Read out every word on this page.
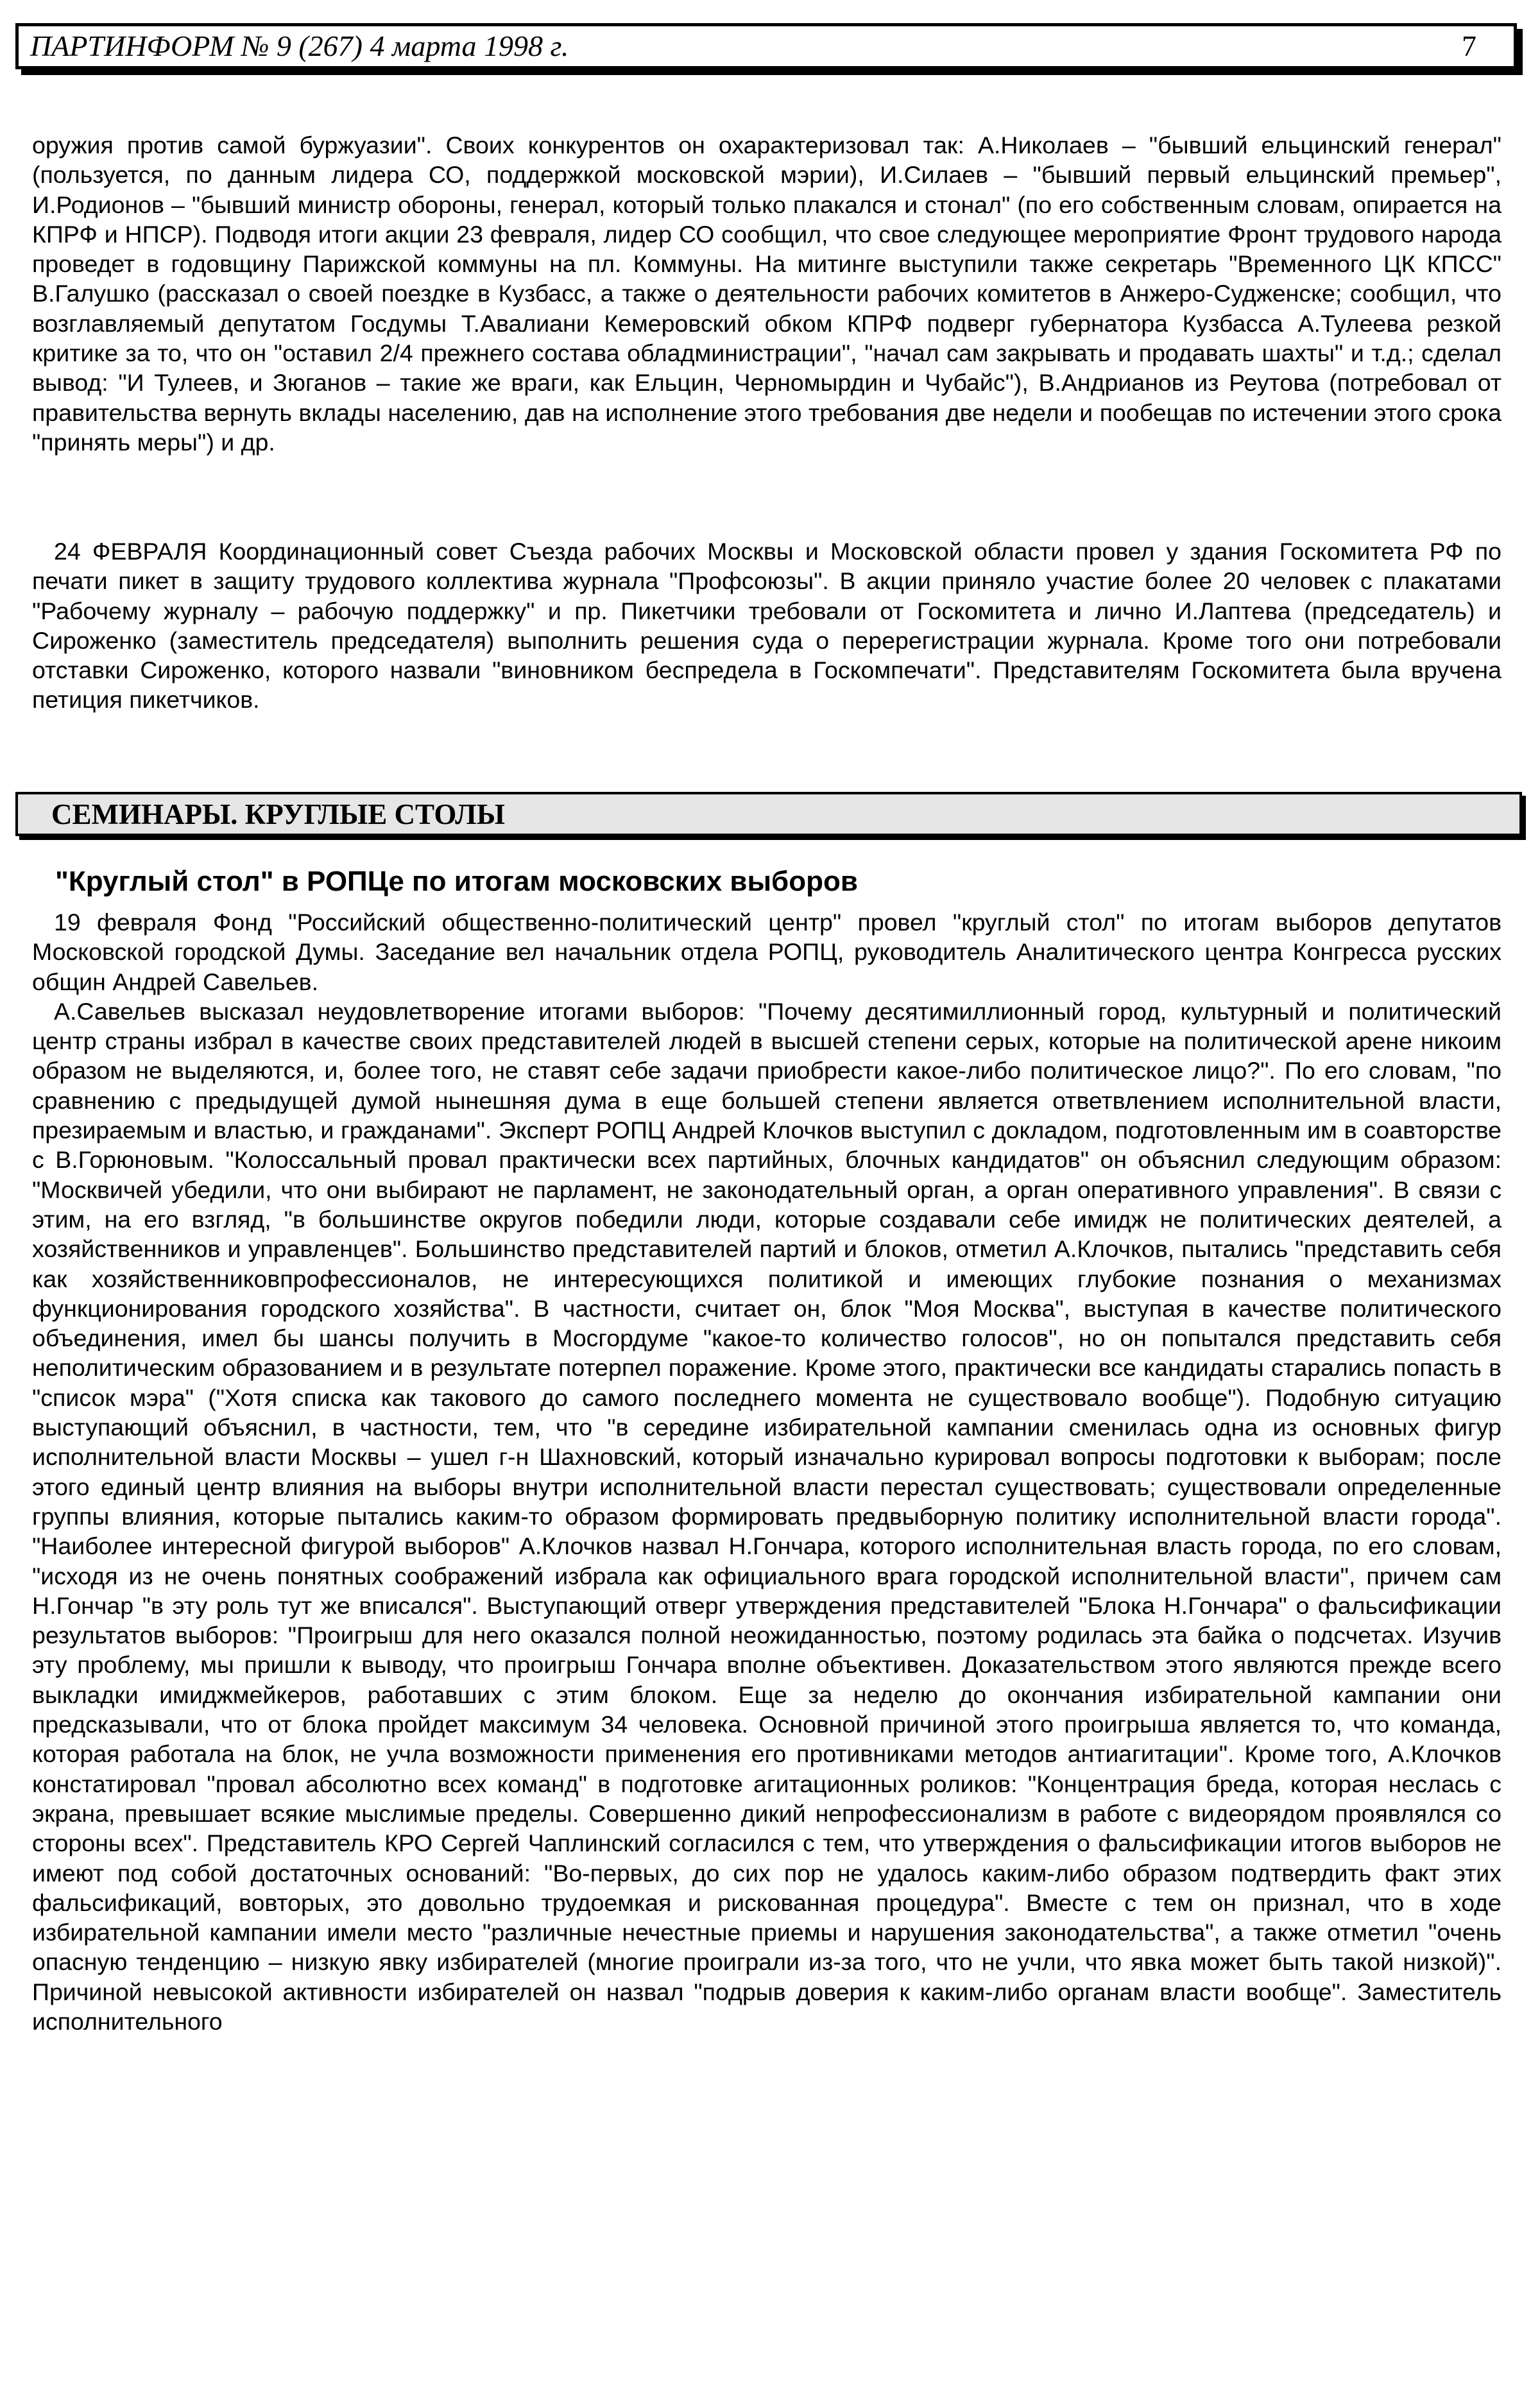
ПАРТИНФОРМ № 9 (267) 4 марта 1998 г.	7

оружия против самой буржуазии". Своих конкурентов он охарактеризовал так: А.Николаев – "бывший ельцинский генерал" (пользуется, по данным лидера СО, поддержкой московской мэрии), И.Силаев – "бывший первый ельцинский премьер", И.Родионов – "бывший министр обороны, генерал, который только плакался и стонал" (по его собственным словам, опирается на КПРФ и НПСР). Подводя итоги акции 23 февраля, лидер СО сообщил, что свое следующее мероприятие Фронт трудового народа проведет в годовщину Парижской коммуны на пл. Коммуны. На митинге выступили также секретарь "Временного ЦК КПСС" В.Галушко (рассказал о своей поездке в Кузбасс, а также о деятельности рабочих комитетов в Анжеро-Судженске; сообщил, что возглавляемый депутатом Госдумы Т.Авалиани Кемеровский обком КПРФ подверг губернатора Кузбасса А.Тулеева резкой критике за то, что он "оставил 2/4 прежнего состава обладминистрации", "начал сам закрывать и продавать шахты" и т.д.; сделал вывод: "И Тулеев, и Зюганов – такие же враги, как Ельцин, Черномырдин и Чубайс"), В.Андрианов из Реутова (потребовал от правительства вернуть вклады населению, дав на исполнение этого требования две недели и пообещав по истечении этого срока "принять меры") и др.

24 ФЕВРАЛЯ Координационный совет Съезда рабочих Москвы и Московской области провел у здания Госкомитета РФ по печати пикет в защиту трудового коллектива журнала "Профсоюзы". В акции приняло участие более 20 человек с плакатами "Рабочему журналу – рабочую поддержку" и пр. Пикетчики требовали от Госкомитета и лично И.Лаптева (председатель) и Сироженко (заместитель председателя) выполнить решения суда о перерегистрации журнала. Кроме того они потребовали отставки Сироженко, которого назвали "виновником беспредела в Госкомпечати". Представителям Госкомитета была вручена петиция пикетчиков.

СЕМИНАРЫ. КРУГЛЫЕ СТОЛЫ
"Круглый стол" в РОПЦе по итогам московских выборов

19 февраля Фонд "Российский общественно-политический центр" провел "круглый стол" по итогам выборов депутатов Московской городской Думы. Заседание вел начальник отдела РОПЦ, руководитель Аналитического центра Конгресса русских общин Андрей Савельев.

А.Савельев высказал неудовлетворение итогами выборов: "Почему десятимиллионный город, культурный и политический центр страны избрал в качестве своих представителей людей в высшей степени серых, которые на политической арене никоим образом не выделяются, и, более того, не ставят себе задачи приобрести какое-либо политическое лицо?". По его словам, "по сравнению с предыдущей думой нынешняя дума в еще большей степени является ответвлением исполнительной власти, презираемым и властью, и гражданами". Эксперт РОПЦ Андрей Клочков выступил с докладом, подготовленным им в соавторстве с В.Горюновым. "Колоссальный провал практически всех партийных, блочных кандидатов" он объяснил следующим образом: "Москвичей убедили, что они выбирают не парламент, не законодательный орган, а орган оперативного управления". В связи с этим, на его взгляд, "в большинстве округов победили люди, которые создавали себе имидж не политических деятелей, а хозяйственников и управленцев". Большинство представителей партий и блоков, отметил А.Клочков, пытались "представить себя как хозяйственниковпрофессионалов, не интересующихся политикой и имеющих глубокие познания о механизмах функционирования городского хозяйства". В частности, считает он, блок "Моя Москва", выступая в качестве политического объединения, имел бы шансы получить в Мосгордуме "какое-то количество голосов", но он попытался представить себя неполитическим образованием и в результате потерпел поражение. Кроме этого, практически все кандидаты старались попасть в "список мэра" ("Хотя списка как такового до самого последнего момента не существовало вообще"). Подобную ситуацию выступающий объяснил, в частности, тем, что "в середине избирательной кампании сменилась одна из основных фигур исполнительной власти Москвы – ушел г-н Шахновский, который изначально курировал вопросы подготовки к выборам; после этого единый центр влияния на выборы внутри исполнительной власти перестал существовать; существовали определенные группы влияния, которые пытались каким-то образом формировать предвыборную политику исполнительной власти города". "Наиболее интересной фигурой выборов" А.Клочков назвал Н.Гончара, которого исполнительная власть города, по его словам, "исходя из не очень понятных соображений избрала как официального врага городской исполнительной власти", причем сам Н.Гончар "в эту роль тут же вписался". Выступающий отверг утверждения представителей "Блока Н.Гончара" о фальсификации результатов выборов: "Проигрыш для него оказался полной неожиданностью, поэтому родилась эта байка о подсчетах. Изучив эту проблему, мы пришли к выводу, что проигрыш Гончара вполне объективен. Доказательством этого являются прежде всего выкладки имиджмейкеров, работавших с этим блоком. Еще за неделю до окончания избирательной кампании они предсказывали, что от блока пройдет максимум 34 человека. Основной причиной этого проигрыша является то, что команда, которая работала на блок, не учла возможности применения его противниками методов антиагитации". Кроме того, А.Клочков констатировал "провал абсолютно всех команд" в подготовке агитационных роликов: "Концентрация бреда, которая неслась с экрана, превышает всякие мыслимые пределы. Совершенно дикий непрофессионализм в работе с видеорядом проявлялся со стороны всех". Представитель КРО Сергей Чаплинский согласился с тем, что утверждения о фальсификации итогов выборов не имеют под собой достаточных оснований: "Во-первых, до сих пор не удалось каким-либо образом подтвердить факт этих фальсификаций, вовторых, это довольно трудоемкая и рискованная процедура". Вместе с тем он признал, что в ходе избирательной кампании имели место "различные нечестные приемы и нарушения законодательства", а также отметил "очень опасную тенденцию – низкую явку избирателей (многие проиграли из-за того, что не учли, что явка может быть такой низкой)". Причиной невысокой активности избирателей он назвал "подрыв доверия к каким-либо органам власти вообще". Заместитель исполнительного
